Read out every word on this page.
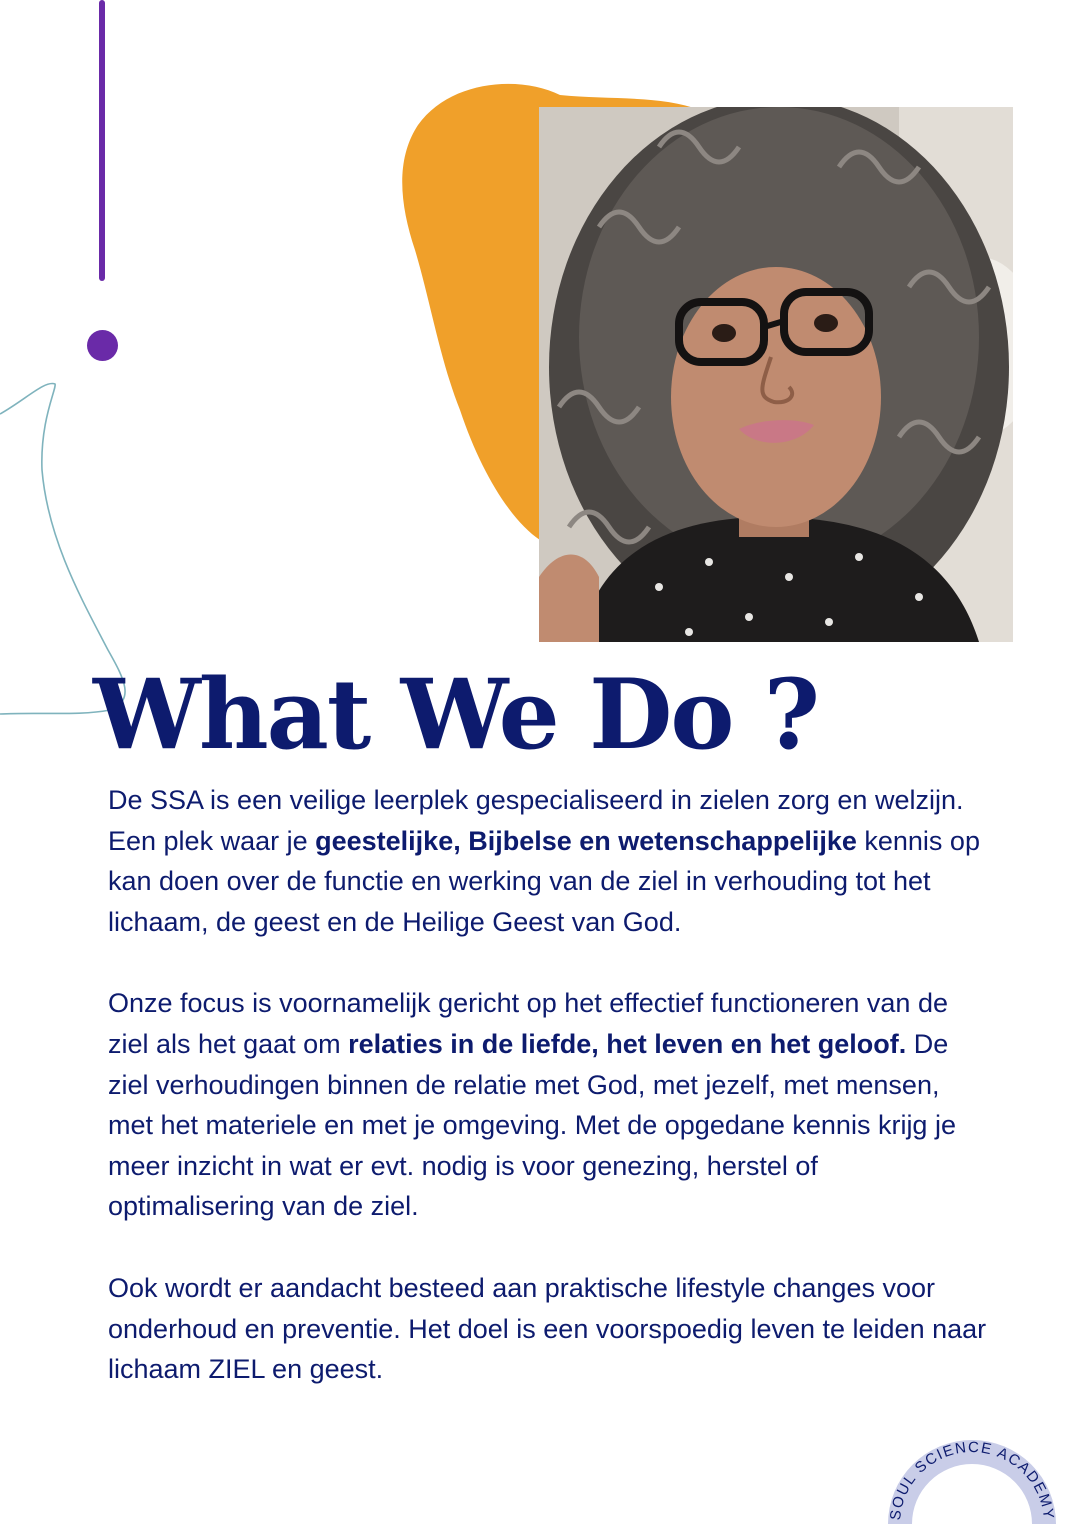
What We Do ?

De SSA is een veilige leerplek gespecialiseerd in zielen zorg en welzijn. Een plek waar je geestelijke, Bijbelse en wetenschappelijke kennis op kan doen over de functie en werking van de ziel in verhouding tot het lichaam, de geest en de Heilige Geest van God.

Onze focus is voornamelijk gericht op het effectief functioneren van de ziel als het gaat om relaties in de liefde, het leven en het geloof. De ziel verhoudingen binnen de relatie met God, met jezelf, met mensen, met het materiele en met je omgeving. Met de opgedane kennis krijg je meer inzicht in wat er evt. nodig is voor genezing, herstel of optimalisering van de ziel.

Ook wordt er aandacht besteed aan praktische lifestyle changes voor onderhoud en preventie. Het doel is een voorspoedig leven te leiden naar lichaam ZIEL en geest.

SOUL SCIENCE ACADEMY
